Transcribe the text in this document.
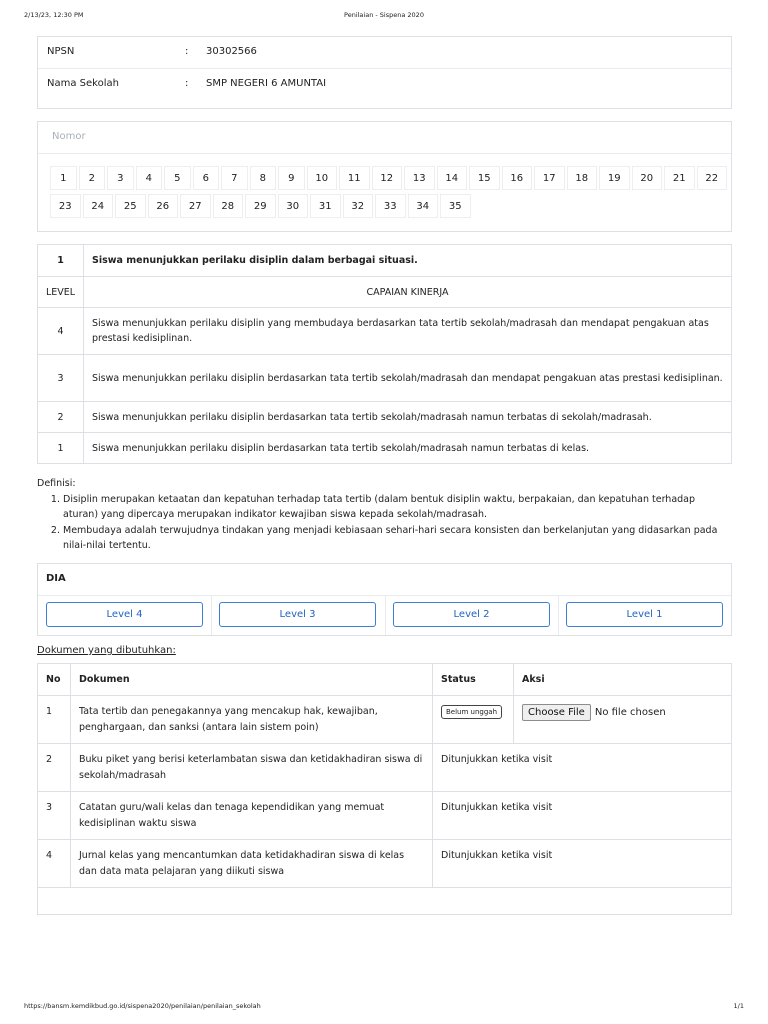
2/13/23, 12:30 PM	Penilaian - Sispena 2020
NPSN	: 30302566
Nama Sekolah	: SMP NEGERI 6 AMUNTAI
Nomor
1	2	3	4	5	6	7	8	9	10	11	12	13	14	15	16	17	18	19	20	21	22
23	24	25	26	27	28	29	30	31	32	33	34	35
1	Siswa menunjukkan perilaku disiplin dalam berbagai situasi.
LEVEL	CAPAIAN KINERJA
4	Siswa menunjukkan perilaku disiplin yang membudaya berdasarkan tata tertib sekolah/madrasah dan mendapat pengakuan atas prestasi kedisiplinan.
3	Siswa menunjukkan perilaku disiplin berdasarkan tata tertib sekolah/madrasah dan mendapat pengakuan atas prestasi kedisiplinan.
2	Siswa menunjukkan perilaku disiplin berdasarkan tata tertib sekolah/madrasah namun terbatas di sekolah/madrasah.
1	Siswa menunjukkan perilaku disiplin berdasarkan tata tertib sekolah/madrasah namun terbatas di kelas.
Definisi:
1. Disiplin merupakan ketaatan dan kepatuhan terhadap tata tertib (dalam bentuk disiplin waktu, berpakaian, dan kepatuhan terhadap aturan) yang dipercaya merupakan indikator kewajiban siswa kepada sekolah/madrasah.
2. Membudaya adalah terwujudnya tindakan yang menjadi kebiasaan sehari-hari secara konsisten dan berkelanjutan yang didasarkan pada nilai-nilai tertentu.
DIA
Level 4	Level 3	Level 2	Level 1
Dokumen yang dibutuhkan:
No	Dokumen	Status	Aksi
1	Tata tertib dan penegakannya yang mencakup hak, kewajiban, penghargaan, dan sanksi (antara lain sistem poin)	Belum unggah	Choose File No file chosen
2	Buku piket yang berisi keterlambatan siswa dan ketidakhadiran siswa di sekolah/madrasah	Ditunjukkan ketika visit	
3	Catatan guru/wali kelas dan tenaga kependidikan yang memuat kedisiplinan waktu siswa	Ditunjukkan ketika visit	
4	Jurnal kelas yang mencantumkan data ketidakhadiran siswa di kelas dan data mata pelajaran yang diikuti siswa	Ditunjukkan ketika visit	

https://bansm.kemdikbud.go.id/sispena2020/penilaian/penilaian_sekolah	1/1
